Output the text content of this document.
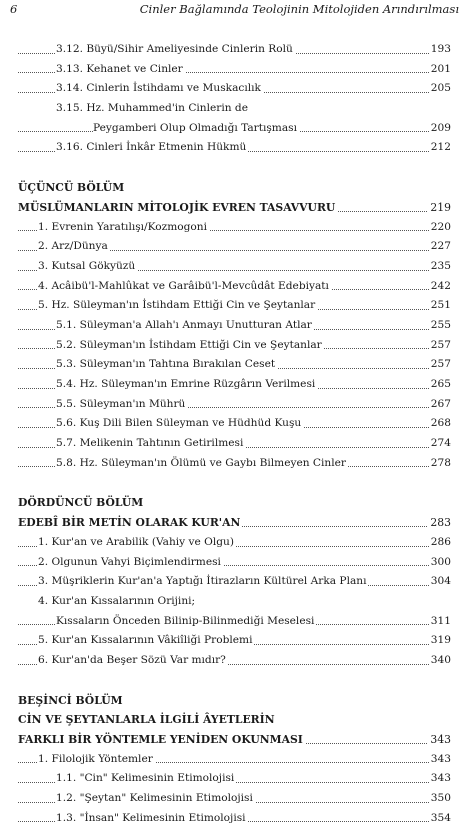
6	Cinler Bağlamında Teolojinin Mitolojiden Arındırılması
3.12. Büyü/Sihir Ameliyesinde Cinlerin Rolü	193
3.13. Kehanet ve Cinler	201
3.14. Cinlerin İstihdamı ve Muskacılık	205
3.15. Hz. Muhammed'in Cinlerin de
Peygamberi Olup Olmadığı Tartışması	209
3.16. Cinleri İnkâr Etmenin Hükmü	212
ÜÇÜNCÜ BÖLÜM
MÜSLÜMANLARIN MİTOLOJİK EVREN TASAVVURU	219
1. Evrenin Yaratılışı/Kozmogoni	220
2. Arz/Dünya	227
3. Kutsal Gökyüzü	235
4. Acâibü'l-Mahlûkat ve Garâibü'l-Mevcûdât Edebiyatı	242
5. Hz. Süleyman'ın İstihdam Ettiği Cin ve Şeytanlar	251
5.1. Süleyman'a Allah'ı Anmayı Unutturan Atlar	255
5.2. Süleyman'ın İstihdam Ettiği Cin ve Şeytanlar	257
5.3. Süleyman'ın Tahtına Bırakılan Ceset	257
5.4. Hz. Süleyman'ın Emrine Rüzgârın Verilmesi	265
5.5. Süleyman'ın Mührü	267
5.6. Kuş Dili Bilen Süleyman ve Hüdhüd Kuşu	268
5.7. Melikenin Tahtının Getirilmesi	274
5.8. Hz. Süleyman'ın Ölümü ve Gaybı Bilmeyen Cinler	278
DÖRDÜNCÜ BÖLÜM
EDEBÎ BİR METİN OLARAK KUR'AN	283
1. Kur'an ve Arabilik (Vahiy ve Olgu)	286
2. Olgunun Vahyi Biçimlendirmesi	300
3. Müşriklerin Kur'an'a Yaptığı İtirazların Kültürel Arka Planı	304
4. Kur'an Kıssalarının Orijini;
Kıssaların Önceden Bilinip-Bilinmediği Meselesi	311
5. Kur'an Kıssalarının Vâkiîliği Problemi	319
6. Kur'an'da Beşer Sözü Var mıdır?	340
BEŞİNCİ BÖLÜM
CİN VE ŞEYTANLARLA İLGİLİ ÂYETLERİN
FARKLI BİR YÖNTEMLE YENİDEN OKUNMASI	343
1. Filolojik Yöntemler	343
1.1. "Cin" Kelimesinin Etimolojisi	343
1.2. "Şeytan" Kelimesinin Etimolojisi	350
1.3. "İnsan" Kelimesinin Etimolojisi	354
